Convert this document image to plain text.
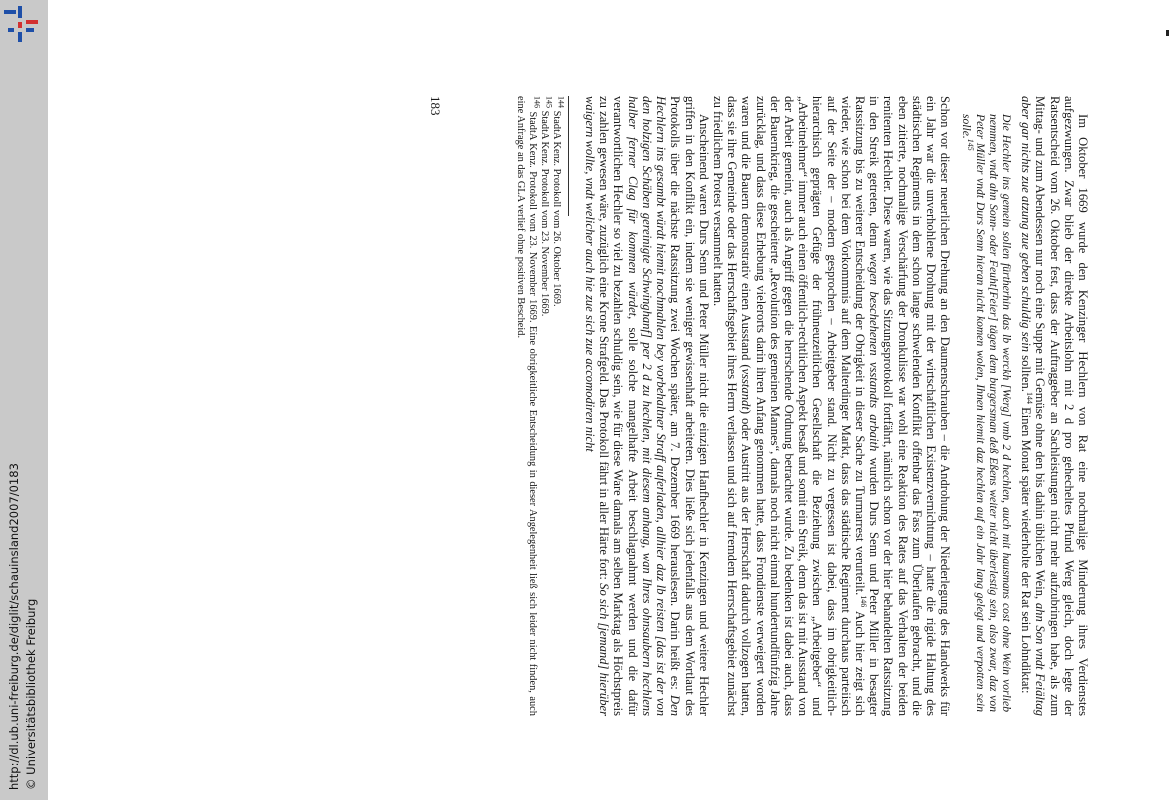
http://dl.ub.uni-freiburg.de/diglit/schauinsland2007/0183 © Universitätsbibliothek Freiburg	Im Oktober 1669 wurde den Kenzinger Hechlern von Rat eine nochmalige Minderung ihres Verdienstes aufgezwungen. Zwar blieb der direkte Arbeitslohn mit 2 d pro gehecheltes Pfund Werg gleich, doch legte der Ratsentscheid vom 26. Oktober fest, dass der Auftraggeber an Sachleistungen nicht mehr aufzubringen habe, als zum Mittag- und zum Abendessen nur noch eine Suppe mit Gemüse ohne den bis dahin üblichen Wein, ahn Son vndt Feiältag aber gar nichts zue atzung zue geben schuldig sein sollten.$^{144}$ Einen Monat später wiederholte der Rat sein Lohndiktat:

Die Hechler ins gemein sollen fürtherhin das lb werckh [Werg] vmb 2 d hechlen, auch mit hausmans cost ohne Wein vorlieb nemmen, vndt ahn Sonn- oder Feuht[Feier] tägen dem burgersman deß Eßens weiter nicht überlestig sein, also zwar, daz von Peter Müller vndt Durs Senn hieran nicht komen wolen, Ihnen hiemit daz hechlen auf ein Jahr lang gelegt und verpotten sein solle.$^{145}$

Schon vor dieser neuerlichen Drehung an den Daumenschrauben – die Androhung der Niederlegung des Handwerks für ein Jahr war die unverhohlene Drohung mit der wirtschaftlichen Existenzvernichtung – hatte die rigide Haltung des städtischen Regiments in dem schon lange schwelenden Konflikt offenbar das Fass zum Überlaufen gebracht, und die eben zitierte, nochmalige Verschärfung der Dronkulisse war wohl eine Reaktion des Rates auf das Verhalten der beiden renitenten Hechler. Diese waren, wie das Sitzungsprotokoll fortfährt, nämlich schon vor der hier behandelten Ratssitzung in den Streik getreten, denn wegen beschehenen vsstandts arbaith wurden Durs Senn und Peter Miller in besagter Ratssitzung bis zu weiterer Entscheidung der Obrigkeit in dieser Sache zu Turmarrest verurteilt.$^{146}$ Auch hier zeigt sich wieder, wie schon bei dem Vorkommnis auf dem Malterdinger Markt, dass das städtische Regiment durchaus parteiisch auf der Seite der – modern gesprochen – Arbeitgeber stand. Nicht zu vergessen ist dabei, dass im obrigkeitlich-hierarchisch geprägten Gefüge der frühneuzeitlichen Gesellschaft die Beziehung zwischen „Arbeitgeber“ und „Arbeitnehmer“ immer auch einen öffentlich-rechtlichen Aspekt besaß und somit ein Streik, denn das ist mit Ausstand von der Arbeit gemeint, auch als Angriff gegen die herrschende Ordnung betrachtet wurde. Zu bedenken ist dabei auch, dass der Bauernkrieg, die gescheiterte „Revolution des gemeinen Mannes“, damals noch nicht einmal hundertundfünfzig Jahre zurücklag, und dass diese Erhebung vielerorts darin ihren Anfang genommen hatte, dass Frondienste verweigert worden waren und die Bauern demonstrativ einen Ausstand (vsstandt) oder Austritt aus der Herrschaft dadurch vollzogen hatten, dass sie ihre Gemeinde oder das Herrschaftsgebiet ihres Herrn verlassen und sich auf fremdem Herrschaftsgebiet zunächst zu friedlichem Protest versammelt hatten.

Anscheinend waren Durs Senn und Peter Müller nicht die einzigen Hanfhechler in Kenzingen und weitere Hechler griffen in den Konflikt ein, indem sie weniger gewissenhaft arbeiteten. Dies ließe sich jedenfalls aus dem Wortlaut des Protokolls über die nächste Ratssitzung zwei Wochen später, am 7. Dezember 1669 herauslesen. Darin heißt es: Den Hechlern ins gesambt würdt hiemit nochmahlen bey vorbehaltner Straff auferladen, allhier daz lb reisten [das ist der von den holzigen Schäben gereinigte Schwinghanf] per 2 d zu hechlen, mit diesem anhang, wan Ihres ohnsaubern hechlens halber ferner Clag für kommen würdet, solle solche mangelhafte Arbeit beschlagnahmt werden und die dafür verantwortlichen Hechler so viel zu bezahlen schuldig sein, wie für diese Ware damals am selben Marktag als Höchstpreis zu zahlen gewesen wäre, zuzüglich eine Krone Strafgeld. Das Protokoll fährt in aller Härte fort: So sich [jemand] hierüber waigern wollte, vndt welicher auch hie zue sich zue accomodiren nicht

$^{144}$ StadtA Kenz. Protokoll vom 26. Oktober 1669.

$^{145}$ StadtA Kenz. Protokoll vom 23. November 1669.

$^{146}$ StadtA Kenz. Protokoll vom 23. November 1669. Eine obrigkeitliche Entscheidung in dieser Angelegenheit ließ sich leider nicht finden, auch eine Anfrage an das GLA verlief ohne positiven Bescheid.

183
